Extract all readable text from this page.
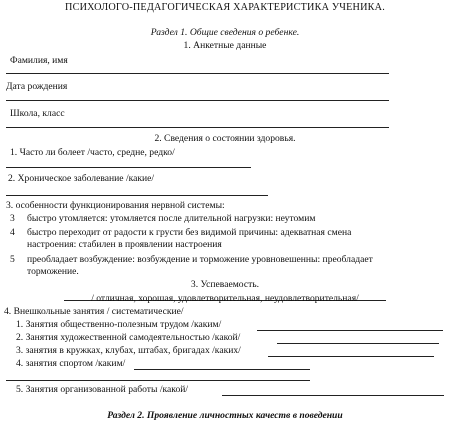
ПСИХОЛОГО-ПЕДАГОГИЧЕСКАЯ ХАРАКТЕРИСТИКА УЧЕНИКА.
Раздел 1. Общие сведения о ребенке.
1. Анкетные данные
Фамилия, имя
Дата рождения
Школа, класс
2. Сведения о состоянии здоровья.
1. Часто ли болеет /часто, средне, редко/
2. Хроническое заболевание /какие/
3. особенности функционирования нервной системы:
3 быстро утомляется: утомляется после длительной нагрузки: неутомим
4 быстро переходит от радости к грусти без видимой причины: адекватная смена
настроения: стабилен в проявлении настроения
5 преобладает возбуждение: возбуждение и торможение уровновешенны: преобладает
торможение.
3. Успеваемость.
/ отличная, хорошая, удовлетворительная, неудовлетворительная/
4. Внешкольные занятия / систематические/
1. Занятия общественно-полезным трудом /каким/
2. Занятия художественной самодеятельностью /какой/
3. занятия в кружках, клубах, штабах, бригадах /каких/
4. занятия спортом /каким/
5. Занятия организованной работы /какой/
Раздел 2. Проявление личностных качеств в поведении
